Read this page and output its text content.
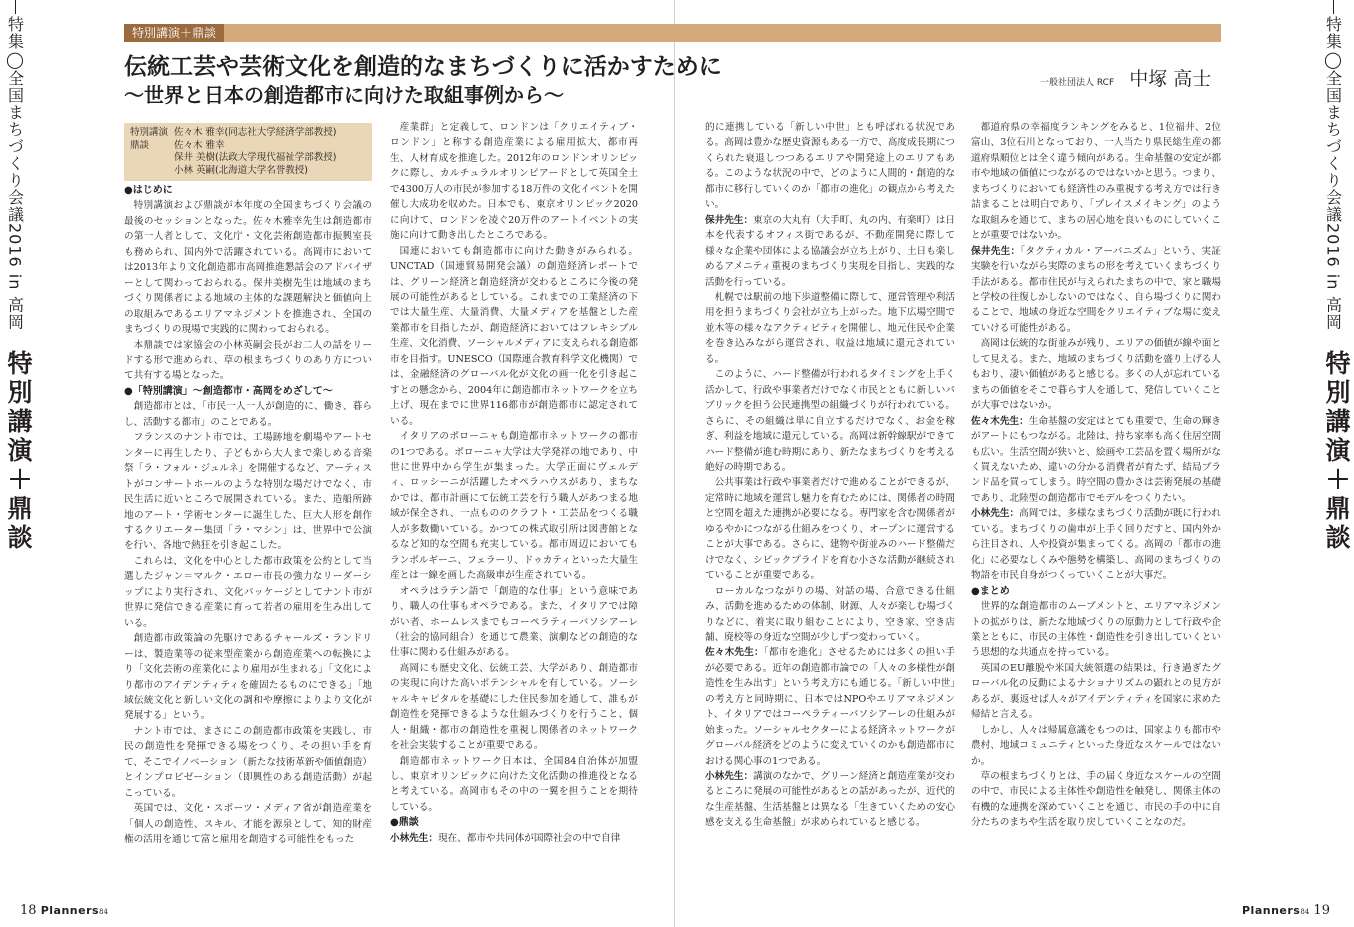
特集◯全国まちづくり会議2016 in 高岡
特別講演＋鼎談
特集◯全国まちづくり会議2016 in 高岡
特別講演＋鼎談
特別講演＋鼎談
伝統工芸や芸術文化を創造的なまちづくりに活かすために
〜世界と日本の創造都市に向けた取組事例から〜	一般社団法人 RCF 中塚 高士
特別講演 佐々木 雅幸(同志社大学経済学部教授)
鼎談	佐々木 雅幸
保井 美樹(法政大学現代福祉学部教授)
小林 英嗣(北海道大学名誉教授)
●はじめに

特別講演および鼎談が本年度の全国まちづくり会議の最後のセッションとなった。佐々木雅幸先生は創造都市の第一人者として、文化庁・文化芸術創造都市振興室長も務められ、国内外で活躍されている。高岡市においては2013年より文化創造都市高岡推進懇話会のアドバイザーとして関わっておられる。保井美樹先生は地域のまちづくり関係者による地域の主体的な課題解決と価値向上の取組みであるエリアマネジメントを推進され、全国のまちづくりの現場で実践的に関わっておられる。

本鼎談では家協会の小林英嗣会長がお二人の話をリードする形で進められ、草の根まちづくりのあり方について共有する場となった。

●「特別講演」〜創造都市・高岡をめざして〜

創造都市とは、「市民一人一人が創造的に、働き、暮らし、活動する都市」のことである。

フランスのナント市では、工場跡地を劇場やアートセンターに再生したり、子どもから大人まで楽しめる音楽祭「ラ・フォル・ジュルネ」を開催するなど、アーティストがコンサートホールのような特別な場だけでなく、市民生活に近いところで展開されている。また、造船所跡地のアート・学術センターに誕生した、巨大人形を創作するクリエーター集団「ラ・マシン」は、世界中で公演を行い、各地で熱狂を引き起こした。

これらは、文化を中心とした都市政策を公約として当選したジャン＝マルク・エロー市長の強力なリーダーシップにより実行され、文化パッケージとしてナント市が世界に発信できる産業に育って若者の雇用を生み出している。

創造都市政策論の先駆けであるチャールズ・ランドリーは、製造業等の従来型産業から創造産業への転換により「文化芸術の産業化により雇用が生まれる」「文化により都市のアイデンティティを確固たるものにできる」「地域伝統文化と新しい文化の調和や摩擦によりより文化が発展する」という。

ナント市では、まさにこの創造都市政策を実践し、市民の創造性を発揮できる場をつくり、その担い手を育て、そこでイノベーション（新たな技術革新や価値創造）とインプロビゼーション（即興性のある創造活動）が起こっている。

英国では、文化・スポーツ・メディア省が創造産業を「個人の創造性、スキル、才能を源泉として、知的財産権の活用を通じて富と雇用を創造する可能性をもった

産業群」と定義して、ロンドンは「クリエイティブ・ロンドン」と称する創造産業による雇用拡大、都市再生、人材育成を推進した。2012年のロンドンオリンピックに際し、カルチュラルオリンピアードとして英国全土で4300万人の市民が参加する18万件の文化イベントを開催し大成功を収めた。日本でも、東京オリンピック2020に向けて、ロンドンを凌ぐ20万件のアートイベントの実施に向けて動き出したところである。

国連においても創造都市に向けた動きがみられる。UNCTAD（国連貿易開発会議）の創造経済レポートでは、グリーン経済と創造経済が交わるところに今後の発展の可能性があるとしている。これまでの工業経済の下では大量生産、大量消費、大量メディアを基盤とした産業都市を目指したが、創造経済においてはフレキシブル生産、文化消費、ソーシャルメディアに支えられる創造都市を目指す。UNESCO（国際連合教育科学文化機関）では、金融経済のグローバル化が文化の画一化を引き起こすとの懸念から、2004年に創造都市ネットワークを立ち上げ、現在までに世界116都市が創造都市に認定されている。

イタリアのボローニャも創造都市ネットワークの都市の1つである。ボローニャ大学は大学発祥の地であり、中世に世界中から学生が集まった。大学正面にヴェルディ、ロッシーニが活躍したオペラハウスがあり、まちなかでは、都市計画にて伝統工芸を行う職人があつまる地域が保全され、一点もののクラフト・工芸品をつくる職人が多数働いている。かつての株式取引所は図書館となるなど知的な空間も充実している。都市周辺においてもランボルギーニ、フェラーリ、ドゥカティといった大量生産とは一線を画した高級車が生産されている。

オペラはラテン語で「創造的な仕事」という意味であり、職人の仕事もオペラである。また、イタリアでは障がい者、ホームレスまでもコーペラティーバソシアーレ（社会的協同組合）を通じて農業、演劇などの創造的な仕事に関わる仕組みがある。

高岡にも歴史文化、伝統工芸、大学があり、創造都市の実現に向けた高いポテンシャルを有している。ソーシャルキャピタルを基礎にした住民参加を通して、誰もが創造性を発揮できるような仕組みづくりを行うこと、個人・組織・都市の創造性を重視し関係者のネットワークを社会実装することが重要である。

創造都市ネットワーク日本は、全国84自治体が加盟し、東京オリンピックに向けた文化活動の推進役となると考えている。高岡市もその中の一翼を担うことを期待している。

●鼎談

小林先生：現在、都市や共同体が国際社会の中で自律

的に連携している「新しい中世」とも呼ばれる状況である。高岡は豊かな歴史資源もある一方で、高度成長期につくられた衰退しつつあるエリアや開発途上のエリアもある。このような状況の中で、どのように人間的・創造的な都市に移行していくのか「都市の進化」の観点から考えたい。

保井先生：東京の大丸有（大手町、丸の内、有楽町）は日本を代表するオフィス街であるが、不動産開発に際して様々な企業や団体による協議会が立ち上がり、土日も楽しめるアメニティ重視のまちづくり実現を目指し、実践的な活動を行っている。

札幌では駅前の地下歩道整備に際して、運営管理や利活用を担うまちづくり会社が立ち上がった。地下広場空間で並木等の様々なアクティビティを開催し、地元住民や企業を巻き込みながら運営され、収益は地域に還元されている。

このように、ハード整備が行われるタイミングを上手く活かして、行政や事業者だけでなく市民とともに新しいパブリックを担う公民連携型の組織づくりが行われている。さらに、その組織は単に自立するだけでなく、お金を稼ぎ、利益を地域に還元している。高岡は新幹線駅ができてハード整備が進む時期にあり、新たなまちづくりを考える絶好の時期である。

公共事業は行政や事業者だけで進めることができるが、定常時に地域を運営し魅力を育むためには、関係者の時間と空間を超えた連携が必要になる。専門家を含む関係者がゆるやかにつながる仕組みをつくり、オープンに運営することが大事である。さらに、建物や街並みのハード整備だけでなく、シビックプライドを育む小さな活動が継続されていることが重要である。

ローカルなつながりの場、対話の場、合意できる仕組み、活動を進めるための体制、財源、人々が楽しむ場づくりなどに、着実に取り組むことにより、空き家、空き店舗、廃校等の身近な空間が少しずつ変わっていく。

佐々木先生：「都市を進化」させるためには多くの担い手が必要である。近年の創造都市論での「人々の多様性が創造性を生み出す」という考え方にも通じる。「新しい中世」の考え方と同時期に、日本ではNPOやエリアマネジメント、イタリアではコーペラティーバソシアーレの仕組みが始まった。ソーシャルセクターによる経済ネットワークがグローバル経済をどのように変えていくのかも創造都市における関心事の1つである。

小林先生：講演のなかで、グリーン経済と創造産業が交わるところに発展の可能性があるとの話があったが、近代的な生産基盤、生活基盤とは異なる「生きていくための安心感を支える生命基盤」が求められていると感じる。

都道府県の幸福度ランキングをみると、1位福井、2位富山、3位石川となっており、一人当たり県民総生産の都道府県順位とは全く違う傾向がある。生命基盤の安定が都市や地域の価値につながるのではないかと思う。つまり、まちづくりにおいても経済性のみ重視する考え方では行き詰まることは明白であり、「プレイスメイキング」のような取組みを通じて、まちの居心地を良いものにしていくことが重要ではないか。

保井先生：「タクティカル・アーバニズム」という、実証実験を行いながら実際のまちの形を考えていくまちづくり手法がある。都市住民が与えられたまちの中で、家と職場と学校の往復しかしないのではなく、自ら場づくりに関わることで、地域の身近な空間をクリエイティブな場に変えていける可能性がある。

高岡は伝統的な街並みが残り、エリアの価値が線や面として見える。また、地域のまちづくり活動を盛り上げる人もおり、凄い価値があると感じる。多くの人が忘れているまちの価値をそこで暮らす人を通して、発信していくことが大事ではないか。

佐々木先生：生命基盤の安定はとても重要で、生命の輝きがアートにもつながる。北陸は、持ち家率も高く住居空間も広い。生活空間が狭いと、絵画や工芸品を置く場所がなく買えないため、違いの分かる消費者が育たず、結局ブランド品を買ってしまう。時空間の豊かさは芸術発展の基礎であり、北陸型の創造都市でモデルをつくりたい。

小林先生：高岡では、多様なまちづくり活動が既に行われている。まちづくりの歯車が上手く回りだすと、国内外から注目され、人や投資が集まってくる。高岡の「都市の進化」に必要なしくみや態勢を構築し、高岡のまちづくりの物語を市民自身がつくっていくことが大事だ。

●まとめ

世界的な創造都市のムーブメントと、エリアマネジメントの拡がりは、新たな地域づくりの原動力として行政や企業とともに、市民の主体性・創造性を引き出していくという思想的な共通点を持っている。

英国のEU離脱や米国大統領選の結果は、行き過ぎたグローバル化の反動によるナショナリズムの顕れとの見方があるが、裏返せば人々がアイデンティティを国家に求めた帰結と言える。

しかし、人々は帰属意識をもつのは、国家よりも都市や農村、地域コミュニティといった身近なスケールではないか。

草の根まちづくりとは、手の届く身近なスケールの空間の中で、市民による主体性や創造性を触発し、関係主体の有機的な連携を深めていくことを通じ、市民の手の中に自分たちのまちや生活を取り戻していくことなのだ。

18 Planners84	Planners84 19
